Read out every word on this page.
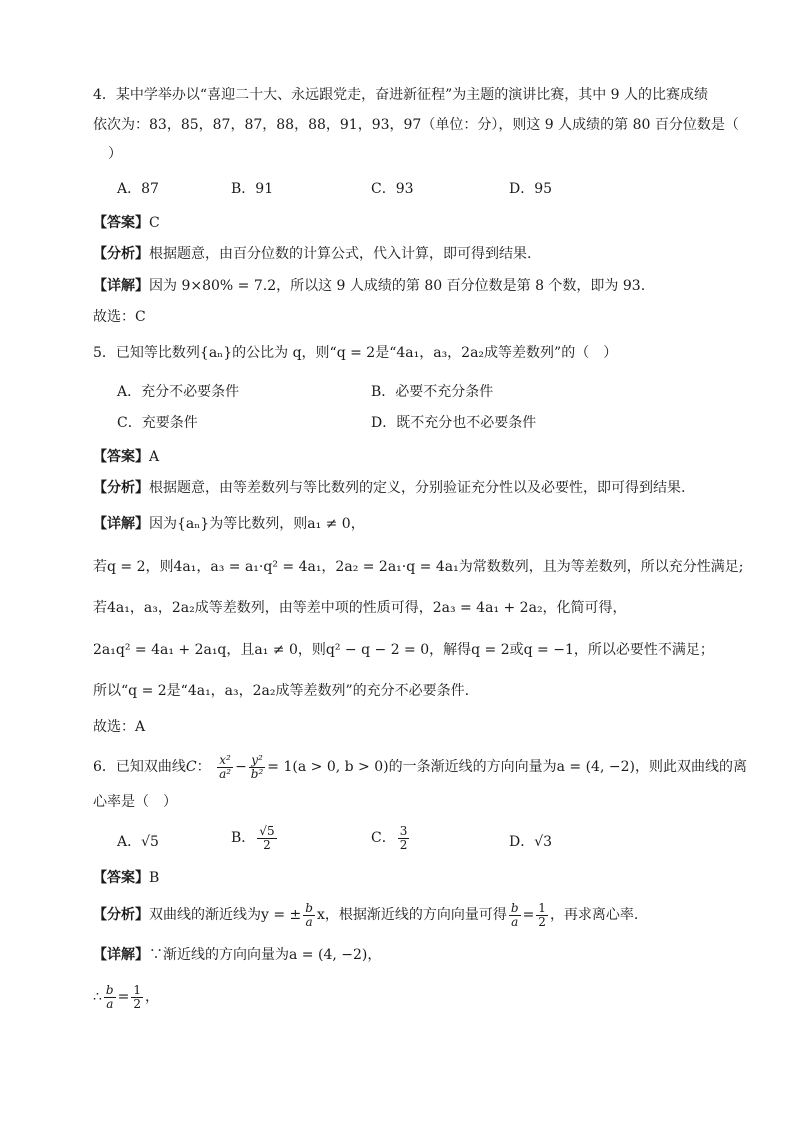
4．某中学举办以“喜迎二十大、永远跟党走，奋进新征程”为主题的演讲比赛，其中 9 人的比赛成绩
依次为：83，85，87，87，88，88，91，93，97（单位：分），则这 9 人成绩的第 80 百分位数是（
）
A．87	B．91	C．93	D．95
【答案】C
【分析】根据题意，由百分位数的计算公式，代入计算，即可得到结果.
【详解】因为 9×80% = 7.2，所以这 9 人成绩的第 80 百分位数是第 8 个数，即为 93.
故选：C
5．已知等比数列{aₙ}的公比为 q，则“q = 2是“4a₁，a₃，2a₂成等差数列”的（　）
A．充分不必要条件	B．必要不充分条件
C．充要条件	D．既不充分也不必要条件
【答案】A
【分析】根据题意，由等差数列与等比数列的定义，分别验证充分性以及必要性，即可得到结果.
【详解】因为{aₙ}为等比数列，则a₁ ≠ 0，
若q = 2，则4a₁，a₃ = a₁·q² = 4a₁，2a₂ = 2a₁·q = 4a₁为常数数列，且为等差数列，所以充分性满足;
若4a₁，a₃，2a₂成等差数列，由等差中项的性质可得，2a₃ = 4a₁ + 2a₂，化简可得，
2a₁q² = 4a₁ + 2a₁q，且a₁ ≠ 0，则q² − q − 2 = 0，解得q = 2或q = −1，所以必要性不满足；
所以“q = 2是“4a₁，a₃，2a₂成等差数列”的充分不必要条件.
故选：A
6．已知双曲线C： $\frac{\text{x²}}{\text{a²}} - \frac{\text{y²}}{\text{b²}} = 1(a > 0$, b > 0)的一条渐近线的方向向量为a = (4, −2)，则此双曲线的离
心率是（　）
A．√5	B． $\frac{√5}{2}$	C． $\frac{3}{2}$	D．√3
【答案】B
【分析】双曲线的渐近线为y = ± $\frac{b}{a}$ x，根据渐近线的方向向量可得 $\frac{b}{a} = \frac{1}{2}$ ，再求离心率.
【详解】∵渐近线的方向向量为a = (4, −2)，
∴ $\frac{b}{a} = \frac{1}{2}$ ，
